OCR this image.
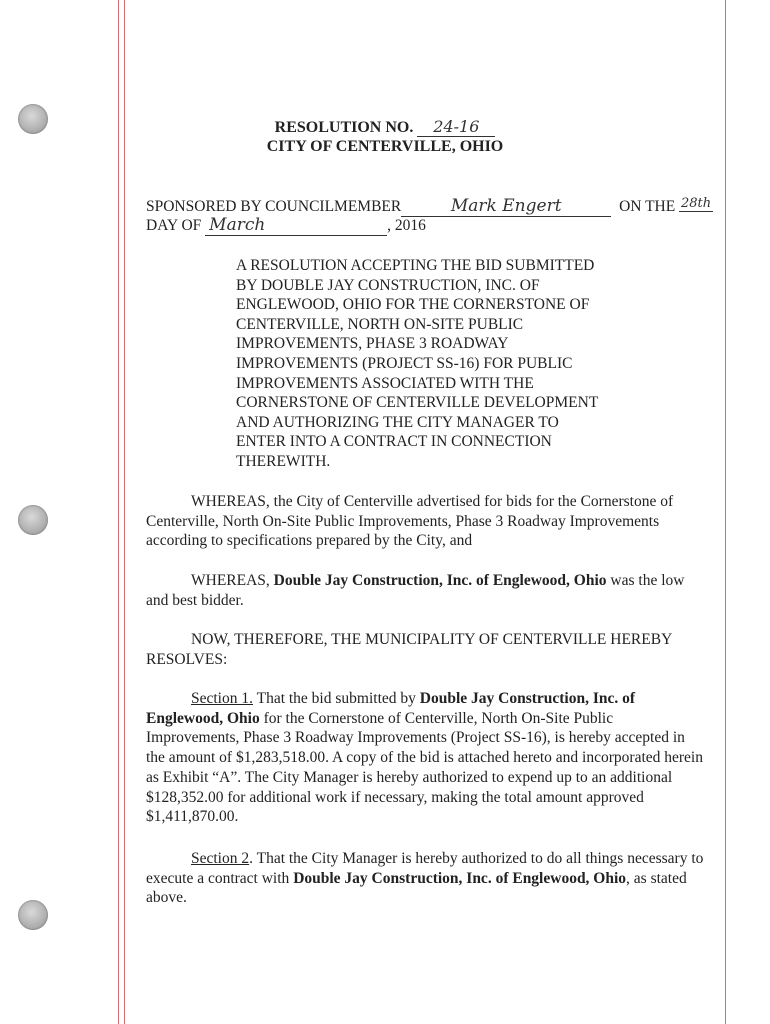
RESOLUTION NO. 24-16
CITY OF CENTERVILLE, OHIO
SPONSORED BY COUNCILMEMBER	Mark Engert	ON THE 28th
DAY OF March	, 2016
A RESOLUTION ACCEPTING THE BID SUBMITTED
BY DOUBLE JAY CONSTRUCTION, INC. OF
ENGLEWOOD, OHIO FOR THE CORNERSTONE OF
CENTERVILLE, NORTH ON-SITE PUBLIC
IMPROVEMENTS, PHASE 3 ROADWAY
IMPROVEMENTS (PROJECT SS-16) FOR PUBLIC
IMPROVEMENTS ASSOCIATED WITH THE
CORNERSTONE OF CENTERVILLE DEVELOPMENT
AND AUTHORIZING THE CITY MANAGER TO
ENTER INTO A CONTRACT IN CONNECTION
THEREWITH.
WHEREAS, the City of Centerville advertised for bids for the Cornerstone of Centerville, North On-Site Public Improvements, Phase 3 Roadway Improvements according to specifications prepared by the City, and
WHEREAS, Double Jay Construction, Inc. of Englewood, Ohio was the low and best bidder.
NOW, THEREFORE, THE MUNICIPALITY OF CENTERVILLE HEREBY RESOLVES:
Section 1. That the bid submitted by Double Jay Construction, Inc. of Englewood, Ohio for the Cornerstone of Centerville, North On-Site Public Improvements, Phase 3 Roadway Improvements (Project SS-16), is hereby accepted in the amount of $1,283,518.00. A copy of the bid is attached hereto and incorporated herein as Exhibit “A”. The City Manager is hereby authorized to expend up to an additional $128,352.00 for additional work if necessary, making the total amount approved $1,411,870.00.
Section 2. That the City Manager is hereby authorized to do all things necessary to execute a contract with Double Jay Construction, Inc. of Englewood, Ohio, as stated above.
